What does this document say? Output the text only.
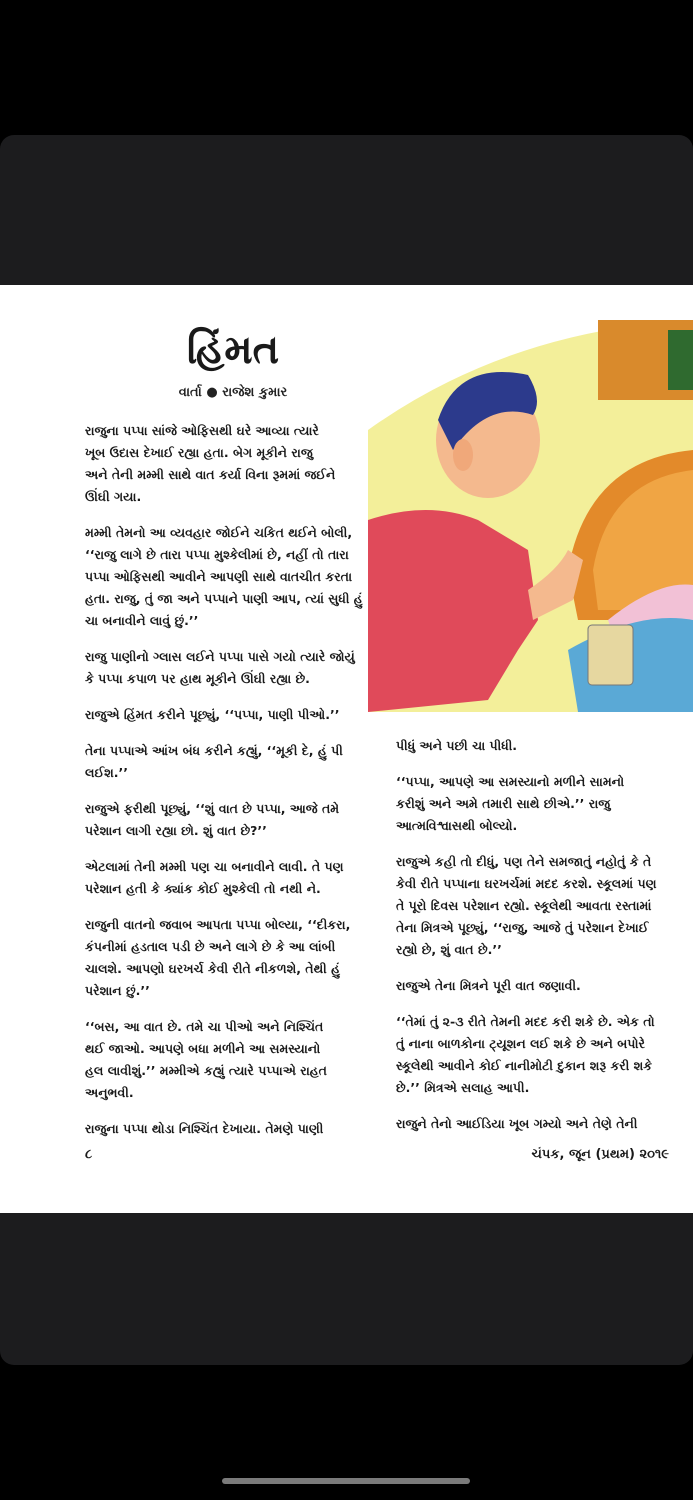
હિંમત
વાર્તા ● રાજેશ કુમાર
રાજુના પપ્પા સાંજે ઓફિસથી ઘરે આવ્યા ત્યારે
ખૂબ ઉદાસ દેખાઈ રહ્યા હતા. બેગ મૂકીને રાજુ
અને તેની મમ્મી સાથે વાત કર્યા વિના રૂમમાં જઈને
ઊંઘી ગયા.
મમ્મી તેમનો આ વ્યવહાર જોઈને ચકિત થઈને બોલી,
‘‘રાજુ લાગે છે તારા પપ્પા મુશ્કેલીમાં છે, નહીં તો તારા
પપ્પા ઓફિસથી આવીને આપણી સાથે વાતચીત કરતા
હતા. રાજુ, તું જા અને પપ્પાને પાણી આપ, ત્યાં સુધી હું
ચા બનાવીને લાવું છું.’’
રાજુ પાણીનો ગ્લાસ લઈને પપ્પા પાસે ગયો ત્યારે જોયું
કે પપ્પા કપાળ પર હાથ મૂકીને ઊંઘી રહ્યા છે.
રાજુએ હિંમત કરીને પૂછ્યું, ‘‘પપ્પા, પાણી પીઓ.’’
તેના પપ્પાએ આંખ બંધ કરીને કહ્યું, ‘‘મૂકી દે, હું પી
લઈશ.’’
રાજુએ ફરીથી પૂછ્યું, ‘‘શું વાત છે પપ્પા, આજે તમે
પરેશાન લાગી રહ્યા છો. શું વાત છે?’’
એટલામાં તેની મમ્મી પણ ચા બનાવીને લાવી. તે પણ
પરેશાન હતી કે ક્યાંક કોઈ મુશ્કેલી તો નથી ને.
રાજુની વાતનો જવાબ આપતા પપ્પા બોલ્યા, ‘‘દીકરા,
કંપનીમાં હડતાલ પડી છે અને લાગે છે કે આ લાંબી
ચાલશે. આપણો ઘરખર્ચ કેવી રીતે નીકળશે, તેથી હું
પરેશાન છું.’’
‘‘બસ, આ વાત છે. તમે ચા પીઓ અને નિશ્ચિંત
થઈ જાઓ. આપણે બધા મળીને આ સમસ્યાનો
હલ લાવીશું.’’ મમ્મીએ કહ્યું ત્યારે પપ્પાએ રાહત
અનુભવી.
રાજુના પપ્પા થોડા નિશ્ચિંત દેખાયા. તેમણે પાણી
પીધું અને પછી ચા પીધી.
‘‘પપ્પા, આપણે આ સમસ્યાનો મળીને સામનો
કરીશું અને અમે તમારી સાથે છીએ.’’ રાજુ
આત્મવિશ્વાસથી બોલ્યો.
રાજુએ કહી તો દીધું, પણ તેને સમજાતું નહોતું કે તે
કેવી રીતે પપ્પાના ઘરખર્ચમાં મદદ કરશે. સ્કૂલમાં પણ
તે પૂરો દિવસ પરેશાન રહ્યો. સ્કૂલેથી આવતા રસ્તામાં
તેના મિત્રએ પૂછ્યું, ‘‘રાજુ, આજે તું પરેશાન દેખાઈ
રહ્યો છે, શું વાત છે.’’
રાજુએ તેના મિત્રને પૂરી વાત જણાવી.
‘‘તેમાં તું ૨-૩ રીતે તેમની મદદ કરી શકે છે. એક તો
તું નાના બાળકોના ટ્યૂશન લઈ શકે છે અને બપોરે
સ્કૂલેથી આવીને કોઈ નાનીમોટી દુકાન શરૂ કરી શકે
છે.’’ મિત્રએ સલાહ આપી.
રાજુને તેનો આઈડિયા ખૂબ ગમ્યો અને તેણે તેની
૮	ચંપક, જૂન (પ્રથમ) ૨૦૧૯
